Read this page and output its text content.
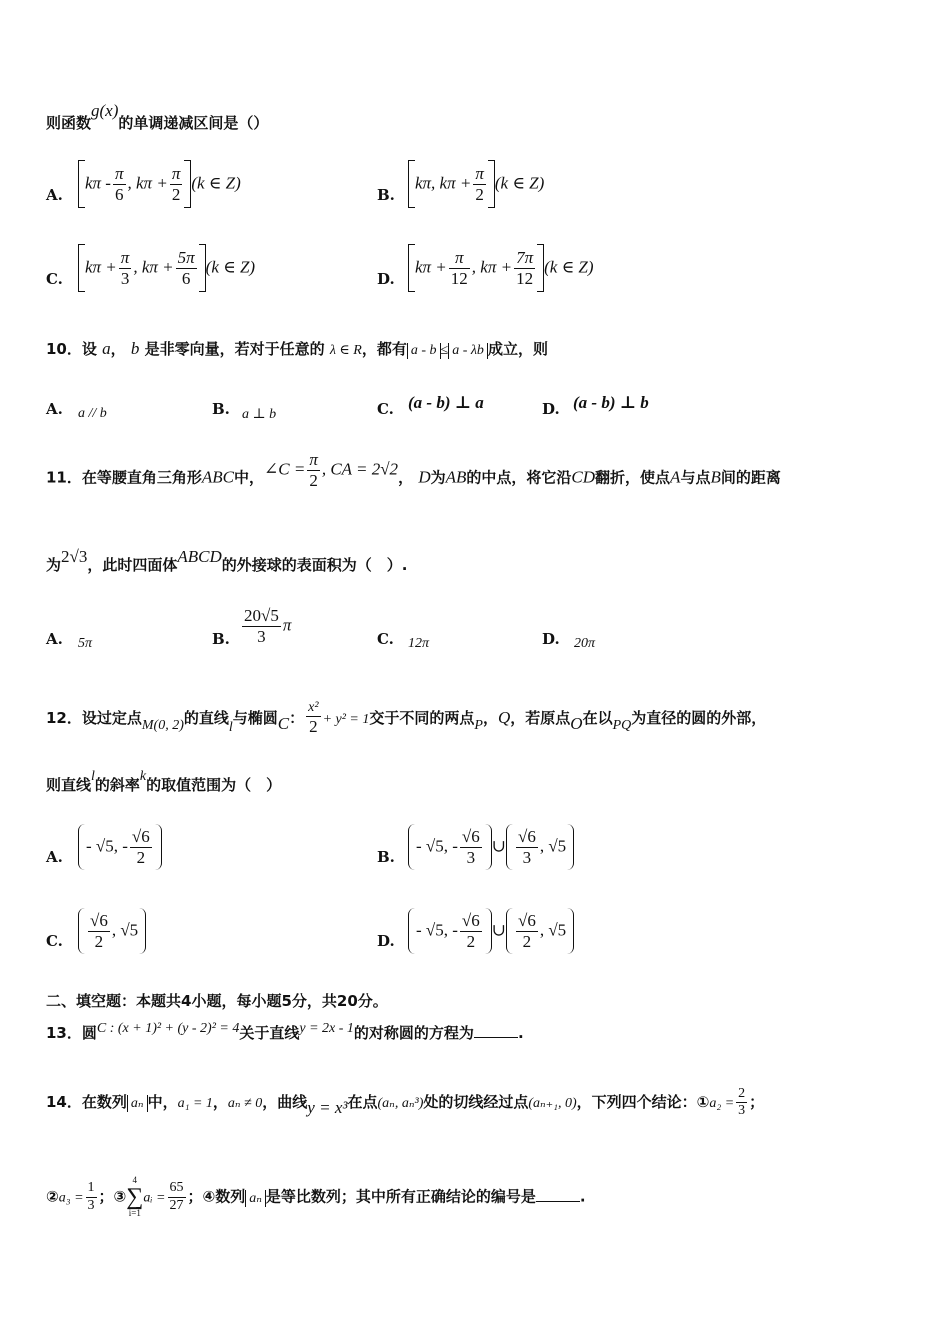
则函数g(x)的单调递减区间是（）
A.
kπ - $\frac{\pi}{6}$ , $k\pi + \frac{\pi}{2} (k$ ∈ Z)
B.
kπ, $k\pi + \frac{\pi}{2} (k$ ∈ Z)
C.
$k\pi + \frac{\pi}{3}$ , $k\pi + \frac{5\pi}{6} (k$ ∈ Z)
D.
$k\pi + \frac{\pi}{12}$ , $k\pi + \frac{7\pi}{12} (k$ ∈ Z)
10．设 a， b 是非零向量，若对于任意的 λ ∈ R，都有 a - b ≤ a - λb 成立，则
A. a // b	B. a ⊥ b	C. (a - b) ⊥ a	D. (a - b) ⊥ b
11．在等腰直角三角形ABC中，∠C = $\frac{\pi}{2}$ , CA = 2√2， D为AB的中点，将它沿CD翻折，使点A与点B间的距离
为2√3，此时四面体ABCD的外接球的表面积为（　）.
A. 5π	B. $\frac{20√5}{3}$ π
C. 12π	D. 20π
12．设过定点M(0, 2)的直线l与椭圆C： $\frac{\text{x²}}{2} + y^2 = 1$交于不同的两点P，Q，若原点O在以PQ为直径的圆的外部，
则直线l的斜率k的取值范围为（　）
A.
- √5, - $\frac{√6}{2}$	B.
- √5, - $\frac{√6}{3}$ ∪ $\frac{√6}{3}$ , √5
C. $\frac{√6}{2}$ , √5
D.
- √5, - $\frac{√6}{2}$ ∪ $\frac{√6}{2}$ , √5
二、填空题：本题共4小题，每小题5分，共20分。
13．圆C : (x + 1)² + (y - 2)² = 4关于直线y = 2x - 1的对称圆的方程为	.
14．在数列 aₙ 中，a₁ = 1，aₙ ≠ 0，曲线y = x³在点(aₙ, aₙ³)处的切线经过点(aₙ₊₁, 0)，下列四个结论：①a₂ = $\frac{2}{3}$ ；
②a₃ = $\frac{1}{3}$ ；③
4
∑
i=1
aᵢ = $\frac{65}{27}$ ；④数列 aₙ 是等比数列；其中所有正确结论的编号是	.
